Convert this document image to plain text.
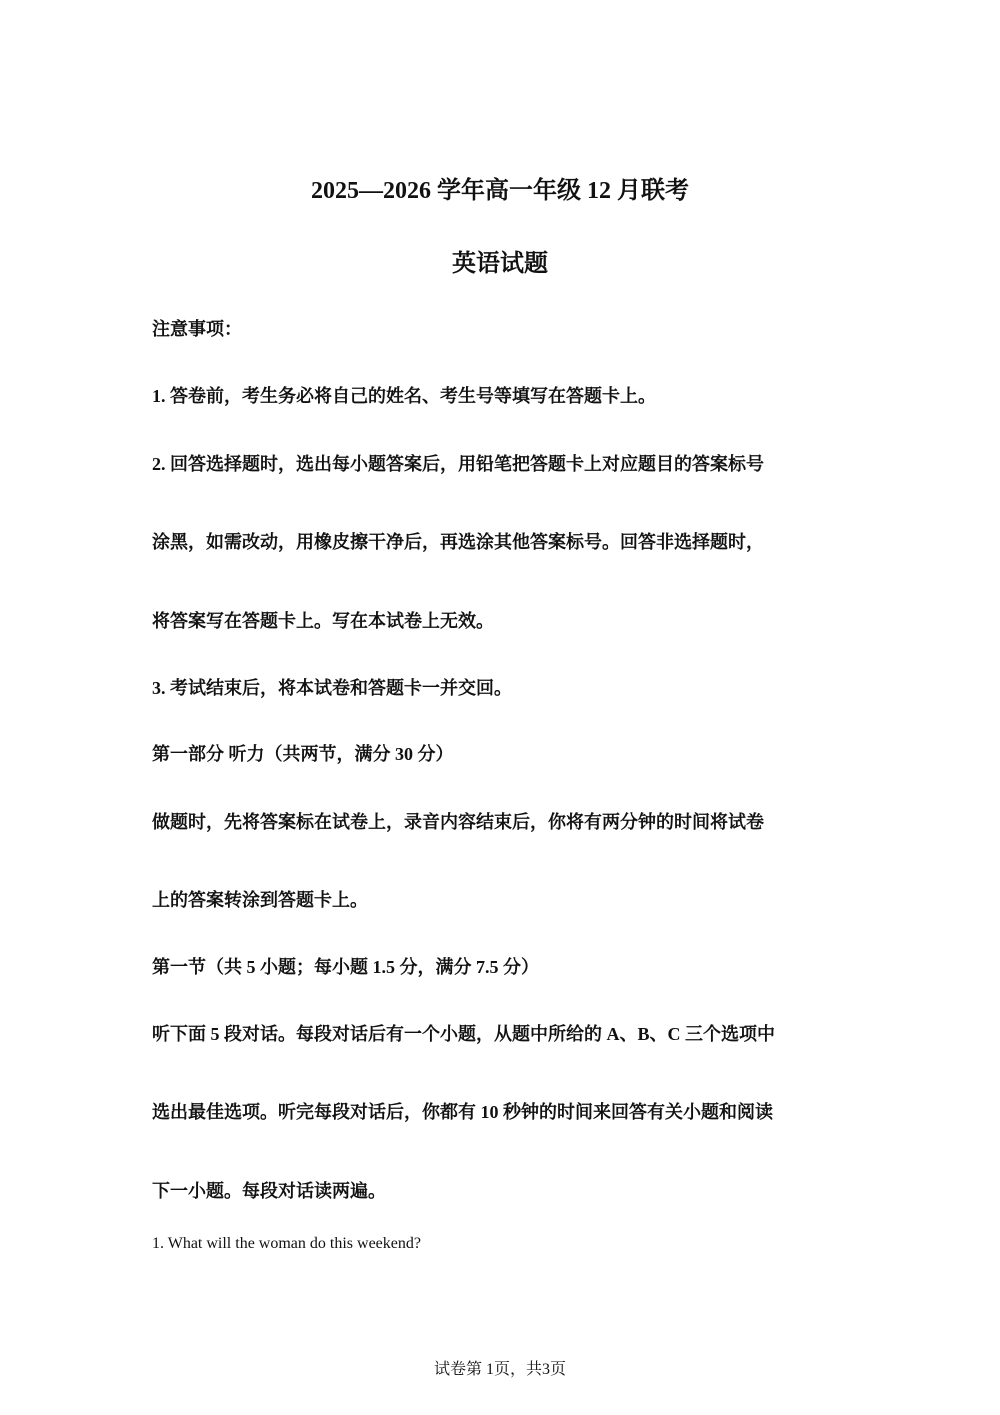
2025—2026 学年高一年级 12 月联考
英语试题
注意事项：
1. 答卷前，考生务必将自己的姓名、考生号等填写在答题卡上。
2. 回答选择题时，选出每小题答案后，用铅笔把答题卡上对应题目的答案标号
涂黑，如需改动，用橡皮擦干净后，再选涂其他答案标号。回答非选择题时，
将答案写在答题卡上。写在本试卷上无效。
3. 考试结束后，将本试卷和答题卡一并交回。
第一部分 听力（共两节，满分 30 分）
做题时，先将答案标在试卷上，录音内容结束后，你将有两分钟的时间将试卷
上的答案转涂到答题卡上。
第一节（共 5 小题；每小题 1.5 分，满分 7.5 分）
听下面 5 段对话。每段对话后有一个小题，从题中所给的 A、B、C 三个选项中
选出最佳选项。听完每段对话后，你都有 10 秒钟的时间来回答有关小题和阅读
下一小题。每段对话读两遍。
1. What will the woman do this weekend?
试卷第 1页，共3页
